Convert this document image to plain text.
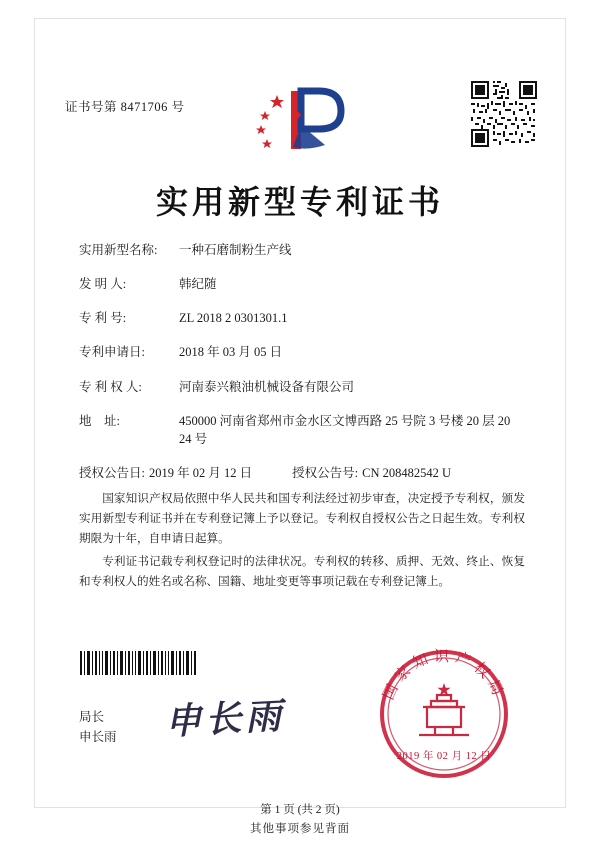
证书号第 8471706 号
实用新型专利证书
实用新型名称:	一种石磨制粉生产线
发 明 人:	韩纪随
专 利 号:	ZL 2018 2 0301301.1
专利申请日:	2018 年 03 月 05 日
专 利 权 人:	河南泰兴粮油机械设备有限公司
地    址:	450000 河南省郑州市金水区文博西路 25 号院 3 号楼 20 层 20 24 号
授权公告日: 2019 年 02 月 12 日	授权公告号: CN 208482542 U

国家知识产权局依照中华人民共和国专利法经过初步审查，决定授予专利权，颁发实用新型专利证书并在专利登记簿上予以登记。专利权自授权公告之日起生效。专利权期限为十年，自申请日起算。

专利证书记载专利权登记时的法律状况。专利权的转移、质押、无效、终止、恢复和专利权人的姓名或名称、国籍、地址变更等事项记载在专利登记簿上。

局长
申长雨 申长雨
国家知识产权局
2019 年 02 月 12 日
第 1 页 (共 2 页)
其他事项参见背面
